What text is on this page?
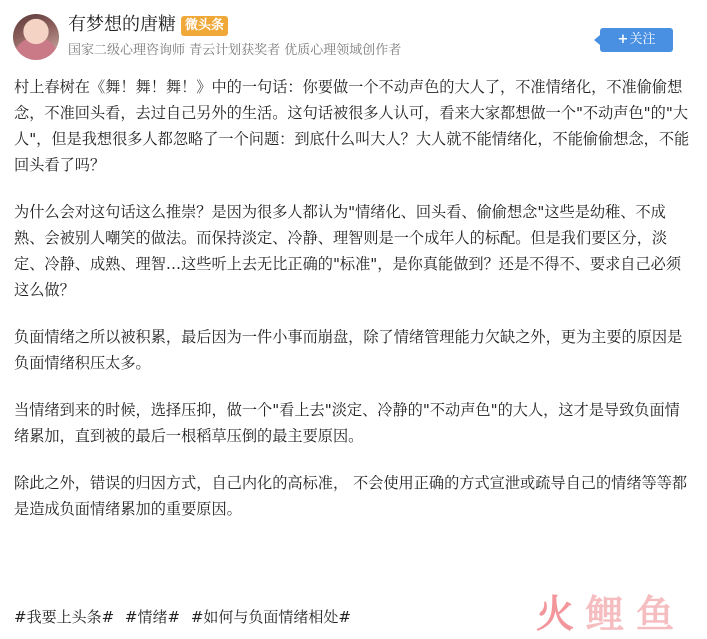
有梦想的唐糖 微头条
国家二级心理咨询师 青云计划获奖者 优质心理领域创作者
+关注

村上春树在《舞！舞！舞！》中的一句话：你要做一个不动声色的大人了，不准情绪化，不准偷偷想念，不准回头看，去过自己另外的生活。这句话被很多人认可，看来大家都想做一个"不动声色"的"大人"，但是我想很多人都忽略了一个问题：到底什么叫大人？大人就不能情绪化，不能偷偷想念，不能回头看了吗？

为什么会对这句话这么推崇？是因为很多人都认为"情绪化、回头看、偷偷想念"这些是幼稚、不成熟、会被别人嘲笑的做法。而保持淡定、冷静、理智则是一个成年人的标配。但是我们要区分，淡定、冷静、成熟、理智…这些听上去无比正确的"标准"，是你真能做到？还是不得不、要求自己必须这么做？

负面情绪之所以被积累，最后因为一件小事而崩盘，除了情绪管理能力欠缺之外，更为主要的原因是负面情绪积压太多。

当情绪到来的时候，选择压抑，做一个"看上去"淡定、冷静的"不动声色"的大人，这才是导致负面情绪累加，直到被的最后一根稻草压倒的最主要原因。

除此之外，错误的归因方式，自己内化的高标准， 不会使用正确的方式宣泄或疏导自己的情绪等等都是造成负面情绪累加的重要原因。

#我要上头条# #情绪# #如何与负面情绪相处#	火 鲤 鱼
